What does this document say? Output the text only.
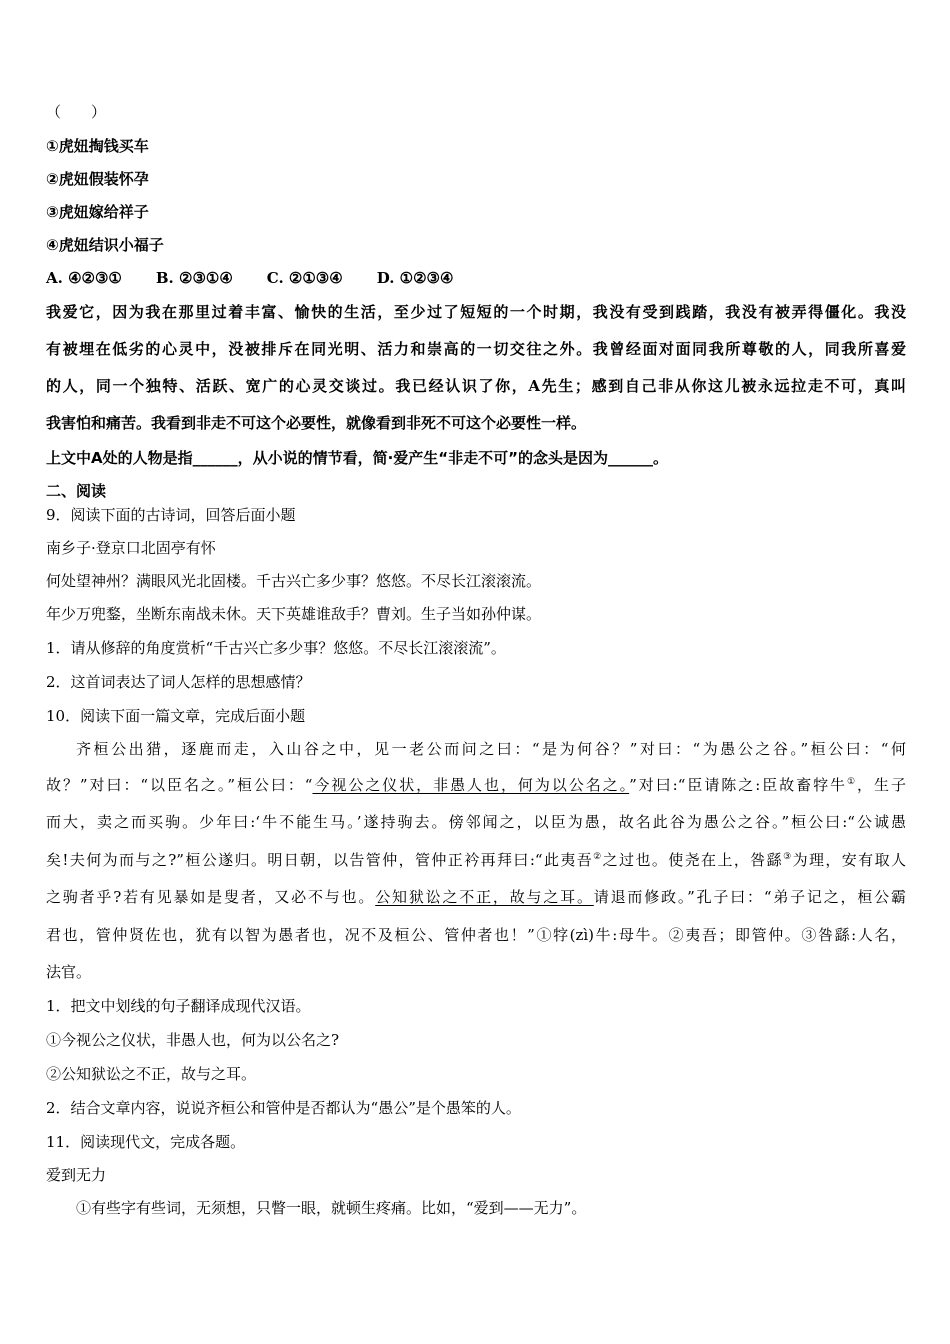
（　　）
①虎妞掏钱买车
②虎妞假装怀孕
③虎妞嫁给祥子
④虎妞结识小福子
A. ④②③① B. ②③①④ C. ②①③④ D. ①②③④
我爱它，因为我在那里过着丰富、愉快的生活，至少过了短短的一个时期，我没有受到践踏，我没有被弄得僵化。我没
有被埋在低劣的心灵中，没被排斥在同光明、活力和崇高的一切交往之外。我曾经面对面同我所尊敬的人，同我所喜爱
的人，同一个独特、活跃、宽广的心灵交谈过。我已经认识了你，A先生；感到自己非从你这儿被永远拉走不可，真叫
我害怕和痛苦。我看到非走不可这个必要性，就像看到非死不可这个必要性一样。
上文中A处的人物是指______，从小说的情节看，简·爱产生“非走不可”的念头是因为______。
二、阅读
9．阅读下面的古诗词，回答后面小题
南乡子·登京口北固亭有怀
何处望神州？满眼风光北固楼。千古兴亡多少事？悠悠。不尽长江滚滚流。
年少万兜鍪，坐断东南战未休。天下英雄谁敌手？曹刘。生子当如孙仲谋。
1．请从修辞的角度赏析“千古兴亡多少事？悠悠。不尽长江滚滚流”。
2．这首词表达了词人怎样的思想感情？
10．阅读下面一篇文章，完成后面小题
齐桓公出猎，逐鹿而走，入山谷之中，见一老公而问之曰：“是为何谷？”对曰：“为愚公之谷。”桓公曰：“何
故？”对曰：“以臣名之。”桓公曰：“今视公之仪状，非愚人也，何为以公名之。”对曰:“臣请陈之:臣故畜牸牛①，生子
而大，卖之而买驹。少年曰:‘牛不能生马。’遂持驹去。傍邻闻之，以臣为愚，故名此谷为愚公之谷。”桓公曰:“公诚愚
矣!夫何为而与之?”桓公遂归。明日朝，以告管仲，管仲正衿再拜曰:“此夷吾②之过也。使尧在上，咎繇③为理，安有取人
之驹者乎?若有见暴如是叟者，又必不与也。公知狱讼之不正，故与之耳。请退而修政。”孔子曰：“弟子记之，桓公霸
君也，管仲贤佐也，犹有以智为愚者也，况不及桓公、管仲者也！”①牸(zì)牛:母牛。②夷吾；即管仲。③咎繇:人名，
法官。
1．把文中划线的句子翻译成现代汉语。
①今视公之仪状，非愚人也，何为以公名之?
②公知狱讼之不正，故与之耳。
2．结合文章内容，说说齐桓公和管仲是否都认为“愚公”是个愚笨的人。
11．阅读现代文，完成各题。
爱到无力
①有些字有些词，无须想，只瞥一眼，就顿生疼痛。比如，“爱到——无力”。
